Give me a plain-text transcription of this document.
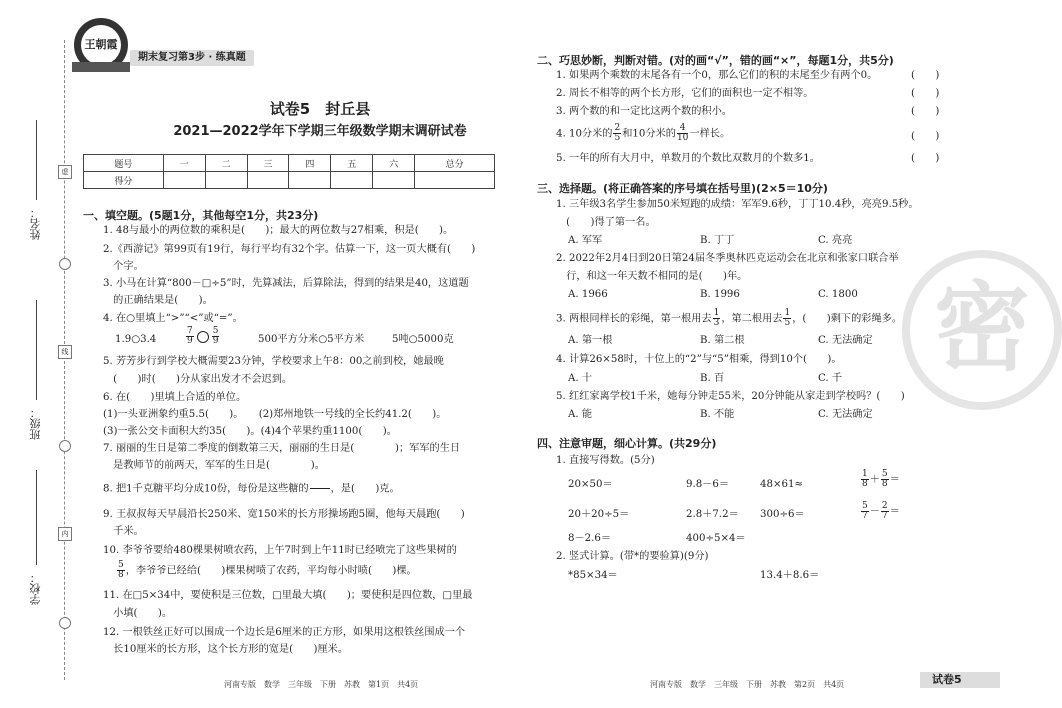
姓名：
班级：
学校：
虚
线
内
王朝霞
期末复习第3步 · 练真题
试卷5　封丘县
2021—2022学年下学期三年级数学期末调研试卷
题号	一	二	三	四	五	六	总分
得分							
一、填空题。(5题1分，其他每空1分，共23分)
1. 48与最小的两位数的乘积是(　　)；最大的两位数与27相乘，积是(　　)。
2.《西游记》第99页有19行，每行平均有32个字。估算一下，这一页大概有(　　)
　个字。
3. 小马在计算“800－□÷5”时，先算减法，后算除法，得到的结果是40，这道题
　的正确结果是(　　)。
4. 在○里填上“>”“<”或“=”。
1.9○3.4	$\frac{7}{9} \frac{5}{9}$	500平方分米○5平方米	5吨○5000克
5. 芳芳步行到学校大概需要23分钟，学校要求上午8：00之前到校，她最晚
　(　　)时(　　)分从家出发才不会迟到。
6. 在(　　)里填上合适的单位。
(1)一头亚洲象约重5.5(　　)。　　(2)郑州地铁一号线的全长约41.2(　　)。
(3)一张公交卡面积大约35(　　)。(4)4个苹果约重1100(　　)。
7. 丽丽的生日是第二季度的倒数第三天，丽丽的生日是(　　　　)；军军的生日
　是教师节的前两天，军军的生日是(　　　　)。
8. 把1千克糖平均分成10份，每份是这些糖的

　　 ，是(　　)克。
9. 王叔叔每天早晨沿长250米、宽150米的长方形操场跑5圈，他每天晨跑(　　)
　千米。
10. 李爷爷要给480棵果树喷农药，上午7时到上午11时已经喷完了这些果树的
$\frac{5}{8}$ ，李爷爷已经给(　　)棵果树喷了农药，平均每小时喷(　　)棵。
11. 在□5×34中，要使积是三位数，□里最大填(　　)；要使积是四位数，□里最
　小填(　　)。
12. 一根铁丝正好可以围成一个边长是6厘米的正方形，如果用这根铁丝围成一个
　长10厘米的长方形，这个长方形的宽是(　　)厘米。
二、巧思妙断，判断对错。(对的画“√”，错的画“×”，每题1分，共5分)
1. 如果两个乘数的末尾各有一个0，那么它们的积的末尾至少有两个0。	(　　)
2. 周长不相等的两个长方形，它们的面积也一定不相等。	(　　)
3. 两个数的和一定比这两个数的积小。	(　　)
4. 10分米的 $\frac{2}{5}$ 和10分米的 $\frac{4}{10}$ 一样长。	(　　)
5. 一年的所有大月中，单数月的个数比双数月的个数多1。	(　　)
三、选择题。(将正确答案的序号填在括号里)(2×5＝10分)
1. 三年级3名学生参加50米短跑的成绩：军军9.6秒，丁丁10.4秒，亮亮9.5秒。
　(　　)得了第一名。
A. 军军	B. 丁丁	C. 亮亮
2. 2022年2月4日到20日第24届冬季奥林匹克运动会在北京和张家口联合举
　行，和这一年天数不相同的是(　　)年。
A. 1966	B. 1996	C. 1800
3. 两根同样长的彩绳，第一根用去 $\frac{1}{3}$ ，第二根用去 $\frac{1}{5}$ ，(　　)剩下的彩绳多。
A. 第一根	B. 第二根	C. 无法确定
4. 计算26×58时，十位上的“2”与“5”相乘，得到10个(　　)。
A. 十	B. 百	C. 千
5. 红红家离学校1千米，她每分钟走55米，20分钟能从家走到学校吗？(　　)
A. 能	B. 不能	C. 无法确定
四、注意审题，细心计算。(共29分)
1. 直接写得数。(5分)
20×50＝	9.8－6＝	48×61≈	$\frac{1}{8} + \frac{5}{8}$ ＝
20＋20÷5＝	2.8＋7.2＝ 300÷6＝	$\frac{5}{7} - \frac{2}{7}$ ＝
8－2.6＝	400÷5×4＝
2. 竖式计算。(带*的要验算)(9分)
*85×34＝	13.4＋8.6＝
密
河南专版　数学　三年级　下册　苏教　第1页　共4页	河南专版　数学　三年级　下册　苏教　第2页　共4页	试卷5
